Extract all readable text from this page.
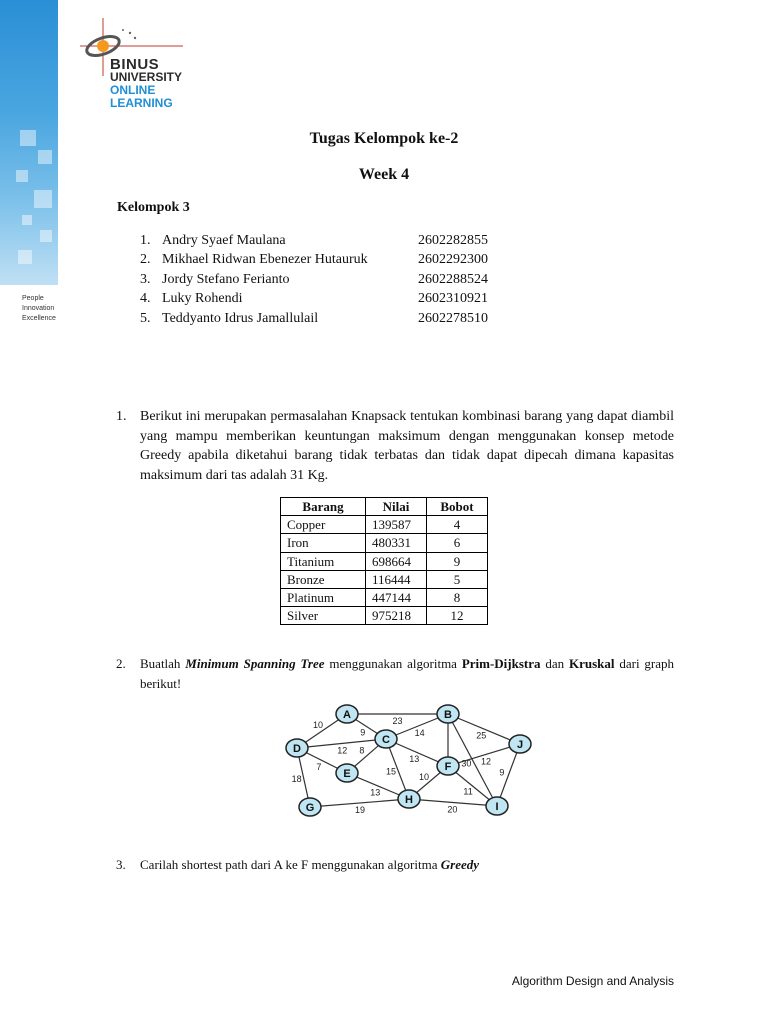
People
Innovation
Excellence
BINUS
UNIVERSITY
ONLINE
LEARNING
Tugas Kelompok ke-2
Week 4
Kelompok 3
1. Andry Syaef Maulana	2602282855
2. Mikhael Ridwan Ebenezer Hutauruk	2602292300
3. Jordy Stefano Ferianto	2602288524
4. Luky Rohendi	2602310921
5. Teddyanto Idrus Jamallulail	2602278510
1. Berikut ini merupakan permasalahan Knapsack tentukan kombinasi barang yang dapat diambil yang mampu memberikan keuntungan maksimum dengan menggunakan konsep metode Greedy apabila diketahui barang tidak terbatas dan tidak dapat dipecah dimana kapasitas maksimum dari tas adalah 31 Kg.
Barang	Nilai	Bobot
Copper	139587	4
Iron	480331	6
Titanium	698664	9
Bronze	116444	5
Platinum	447144	8
Silver	975218	12
2. Buatlah Minimum Spanning Tree menggunakan algoritma Prim-Dijkstra dan Kruskal dari graph berikut!
23
10
9
12
14
7
8
18
13
15
25
30 12
9
13
10
11
19	20
A	B
C
D
E
F
J
G
H
I
3. Carilah shortest path dari A ke F menggunakan algoritma Greedy
Algorithm Design and Analysis
